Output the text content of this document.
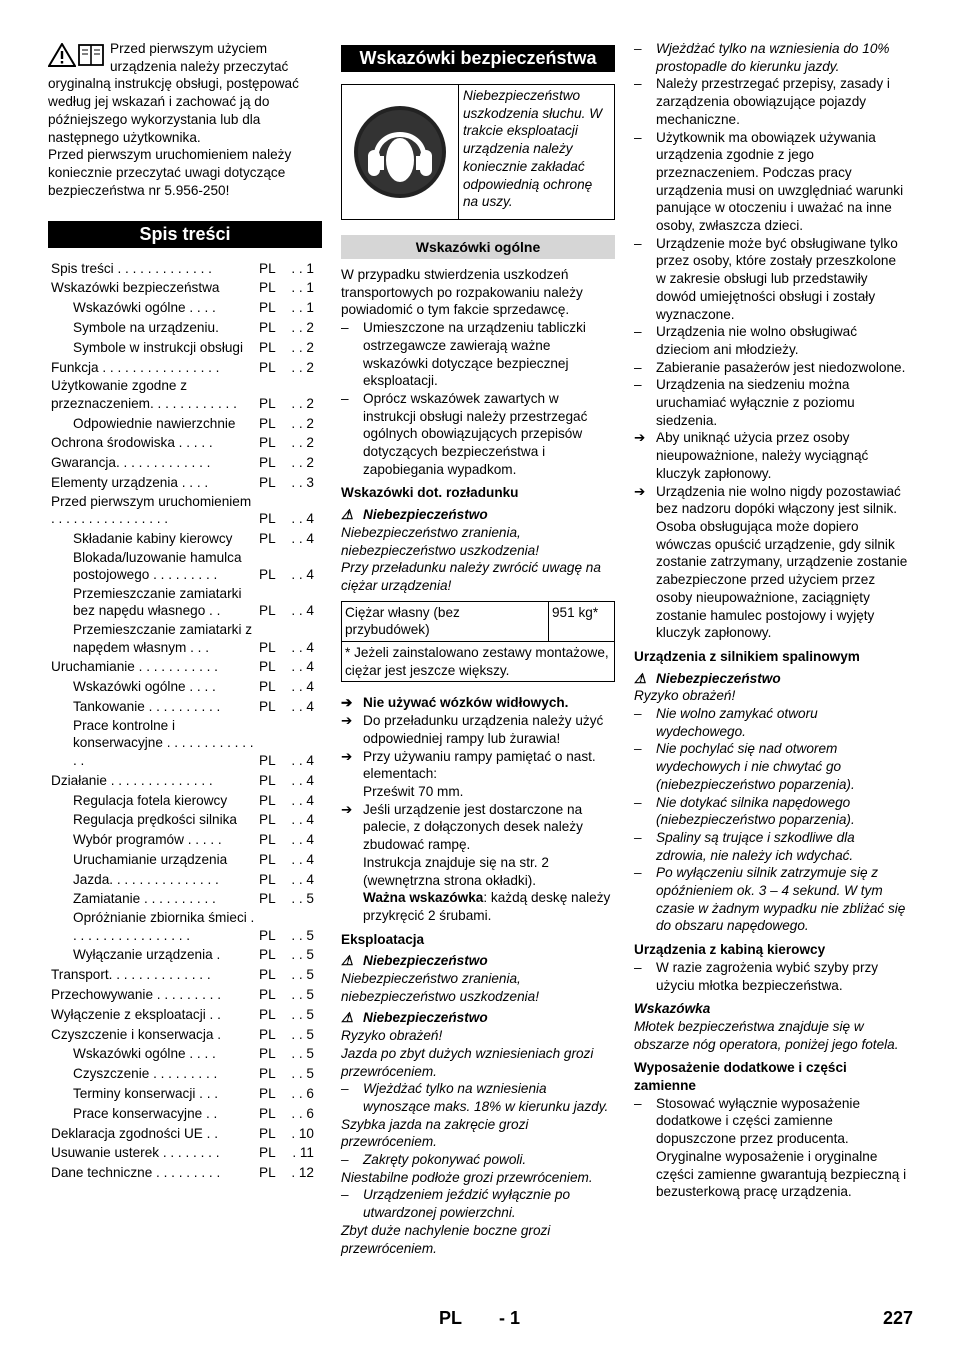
Przed pierwszym użyciem urządzenia należy przeczytać oryginalną instrukcję obsługi, postępować według jej wskazań i zachować ją do późniejszego wykorzystania lub dla następnego użytkownika.

Przed pierwszym uruchomieniem należy koniecznie przeczytać uwagi dotyczące bezpieczeństwa nr 5.956-250!

Spis treści
Spis treści . . . . . . . . . . . . .	PL	. . 1
Wskazówki bezpieczeństwa	PL	. . 1
Wskazówki ogólne . . . .	PL	. . 1
Symbole na urządzeniu.	PL	. . 2
Symbole w instrukcji obsługi	PL	. . 2
Funkcja . . . . . . . . . . . . . . . .	PL	. . 2
Użytkowanie zgodne z przeznaczeniem. . . . . . . . . . . .	PL	. . 2
Odpowiednie nawierzchnie	PL	. . 2
Ochrona środowiska . . . . .	PL	. . 2
Gwarancja. . . . . . . . . . . . .	PL	. . 2
Elementy urządzenia . . . .	PL	. . 3
Przed pierwszym uruchomieniem . . . . . . . . . . . . . . . .	PL	. . 4
Składanie kabiny kierowcy	PL	. . 4
Blokada/luzowanie hamulca postojowego . . . . . . . . .	PL	. . 4
Przemieszczanie zamiatarki bez napędu własnego . .	PL	. . 4
Przemieszczanie zamiatarki z napędem własnym . . .	PL	. . 4
Uruchamianie . . . . . . . . . . .	PL	. . 4
Wskazówki ogólne . . . .	PL	. . 4
Tankowanie . . . . . . . . . .	PL	. . 4
Prace kontrolne i konserwacyjne . . . . . . . . . . . . . .	PL	. . 4
Działanie . . . . . . . . . . . . . .	PL	. . 4
Regulacja fotela kierowcy	PL	. . 4
Regulacja prędkości silnika	PL	. . 4
Wybór programów . . . . .	PL	. . 4
Uruchamianie urządzenia	PL	. . 4
Jazda. . . . . . . . . . . . . . .	PL	. . 4
Zamiatanie . . . . . . . . . .	PL	. . 5
Opróżnianie zbiornika śmieci . . . . . . . . . . . . . . . . .	PL	. . 5
Wyłączanie urządzenia .	PL	. . 5
Transport. . . . . . . . . . . . . .	PL	. . 5
Przechowywanie . . . . . . . . .	PL	. . 5
Wyłączenie z eksploatacji . .	PL	. . 5
Czyszczenie i konserwacja .	PL	. . 5
Wskazówki ogólne . . . .	PL	. . 5
Czyszczenie . . . . . . . . .	PL	. . 5
Terminy konserwacji . . .	PL	. . 6
Prace konserwacyjne . .	PL	. . 6
Deklaracja zgodności UE . .	PL	. 10
Usuwanie usterek . . . . . . . .	PL	. 11
Dane techniczne . . . . . . . . .	PL	. 12
Wskazówki bezpieczeństwa
Niebezpieczeństwo uszkodzenia słuchu. W trakcie eksploatacji urządzenia należy koniecznie zakładać odpowiednią ochronę na uszy.
Wskazówki ogólne

W przypadku stwierdzenia uszkodzeń transportowych po rozpakowaniu należy powiadomić o tym fakcie sprzedawcę.

–	Umieszczone na urządzeniu tabliczki ostrzegawcze zawierają ważne wskazówki dotyczące bezpiecznej eksploatacji.
–	Oprócz wskazówek zawartych w instrukcji obsługi należy przestrzegać ogólnych obowiązujących przepisów dotyczących bezpieczeństwa i zapobiegania wypadkom.
Wskazówki dot. rozładunku
⚠ Niebezpieczeństwo

Niebezpieczeństwo zranienia, niebezpieczeństwo uszkodzenia!

Przy przeładunku należy zwrócić uwagę na ciężar urządzenia!

Ciężar własny (bez przybudówek)	951 kg*
* Jeżeli zainstalowano zestawy montażowe, ciężar jest jeszcze większy.
➔ Nie używać wózków widłowych.
➔ Do przeładunku urządzenia należy użyć odpowiedniej rampy lub żurawia!
➔ Przy używaniu rampy pamiętać o nast. elementach:

Prześwit 70 mm.

➔ Jeśli urządzenie jest dostarczone na palecie, z dołączonych desek należy zbudować rampę.

Instrukcja znajduje się na str. 2 (wewnętrzna strona okładki).

Ważna wskazówka: każdą deskę należy przykręcić 2 śrubami.

Eksploatacja
⚠ Niebezpieczeństwo

Niebezpieczeństwo zranienia, niebezpieczeństwo uszkodzenia!

⚠ Niebezpieczeństwo

Ryzyko obrażeń!

Jazda po zbyt dużych wzniesieniach grozi przewróceniem.

–	Wjeżdżać tylko na wzniesienia wynoszące maks. 18% w kierunku jazdy.

Szybka jazda na zakręcie grozi przewróceniem.

–	Zakręty pokonywać powoli.

Niestabilne podłoże grozi przewróceniem.

–	Urządzeniem jeździć wyłącznie po utwardzonej powierzchni.

Zbyt duże nachylenie boczne grozi przewróceniem.

–	Wjeżdżać tylko na wzniesienia do 10% prostopadle do kierunku jazdy.
–	Należy przestrzegać przepisy, zasady i zarządzenia obowiązujące pojazdy mechaniczne.
–	Użytkownik ma obowiązek używania urządzenia zgodnie z jego przeznaczeniem. Podczas pracy urządzenia musi on uwzględniać warunki panujące w otoczeniu i uważać na inne osoby, zwłaszcza dzieci.
–	Urządzenie może być obsługiwane tylko przez osoby, które zostały przeszkolone w zakresie obsługi lub przedstawiły dowód umiejętności obsługi i zostały wyznaczone.
–	Urządzenia nie wolno obsługiwać dzieciom ani młodzieży.
–	Zabieranie pasażerów jest niedozwolone.
–	Urządzenia na siedzeniu można uruchamiać wyłącznie z poziomu siedzenia.
➔ Aby uniknąć użycia przez osoby nieupoważnione, należy wyciągnąć kluczyk zapłonowy.
➔ Urządzenia nie wolno nigdy pozostawiać bez nadzoru dopóki włączony jest silnik. Osoba obsługująca może dopiero wówczas opuścić urządzenie, gdy silnik zostanie zatrzymany, urządzenie zostanie zabezpieczone przed użyciem przez osoby nieupoważnione, zaciągnięty zostanie hamulec postojowy i wyjęty kluczyk zapłonowy.
Urządzenia z silnikiem spalinowym
⚠ Niebezpieczeństwo

Ryzyko obrażeń!

–	Nie wolno zamykać otworu wydechowego.
–	Nie pochylać się nad otworem wydechowych i nie chwytać go (niebezpieczeństwo poparzenia).
–	Nie dotykać silnika napędowego (niebezpieczeństwo poparzenia).
–	Spaliny są trujące i szkodliwe dla zdrowia, nie należy ich wdychać.
–	Po wyłączeniu silnik zatrzymuje się z opóźnieniem ok. 3 – 4 sekund. W tym czasie w żadnym wypadku nie zbliżać się do obszaru napędowego.
Urządzenia z kabiną kierowcy
–	W razie zagrożenia wybić szyby przy użyciu młotka bezpieczeństwa.
Wskazówka

Młotek bezpieczeństwa znajduje się w obszarze nóg operatora, poniżej jego fotela.

Wyposażenie dodatkowe i części zamienne
–	Stosować wyłącznie wyposażenie dodatkowe i części zamienne dopuszczone przez producenta. Oryginalne wyposażenie i oryginalne części zamienne gwarantują bezpieczną i bezusterkową pracę urządzenia.
PL - 1	227
